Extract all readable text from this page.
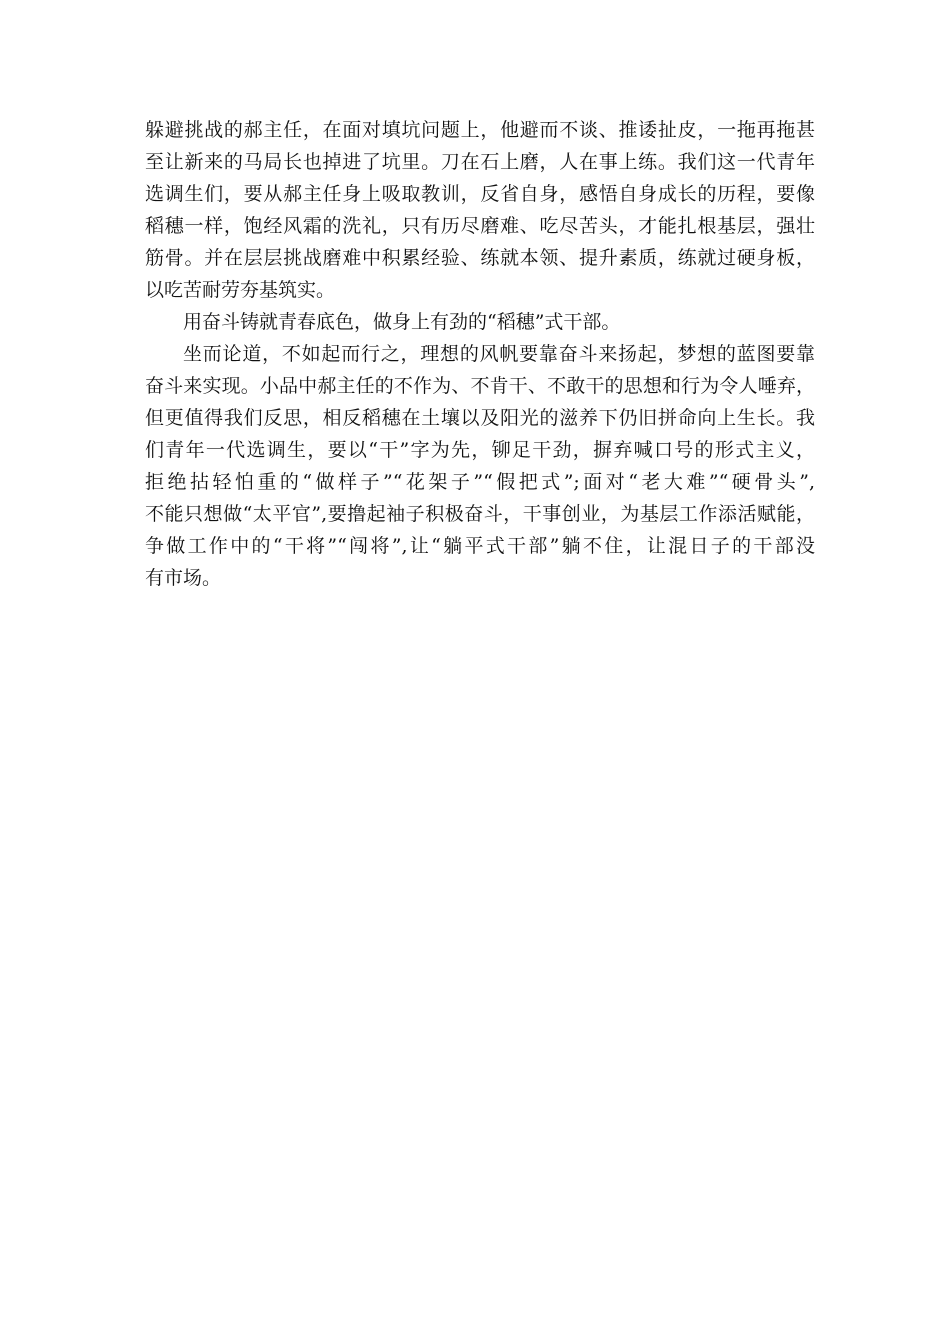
躲避挑战的郝主任，在面对填坑问题上，他避而不谈、推诿扯皮，一拖再拖甚
至让新来的马局长也掉进了坑里。刀在石上磨，人在事上练。我们这一代青年
选调生们，要从郝主任身上吸取教训，反省自身，感悟自身成长的历程，要像
稻穗一样，饱经风霜的洗礼，只有历尽磨难、吃尽苦头，才能扎根基层，强壮
筋骨。并在层层挑战磨难中积累经验、练就本领、提升素质，练就过硬身板，
以吃苦耐劳夯基筑实。
用奋斗铸就青春底色，做身上有劲的“稻穗”式干部。
坐而论道，不如起而行之，理想的风帆要靠奋斗来扬起，梦想的蓝图要靠
奋斗来实现。小品中郝主任的不作为、不肯干、不敢干的思想和行为令人唾弃，
但更值得我们反思，相反稻穗在土壤以及阳光的滋养下仍旧拼命向上生长。我
们青年一代选调生，要以“干”字为先，铆足干劲，摒弃喊口号的形式主义，
拒绝拈轻怕重的“做样子”“花架子”“假把式”;面对“老大难”“硬骨头”,
不能只想做“太平官”,要撸起袖子积极奋斗，干事创业，为基层工作添活赋能，
争做工作中的“干将”“闯将”,让“躺平式干部”躺不住，让混日子的干部没
有市场。
